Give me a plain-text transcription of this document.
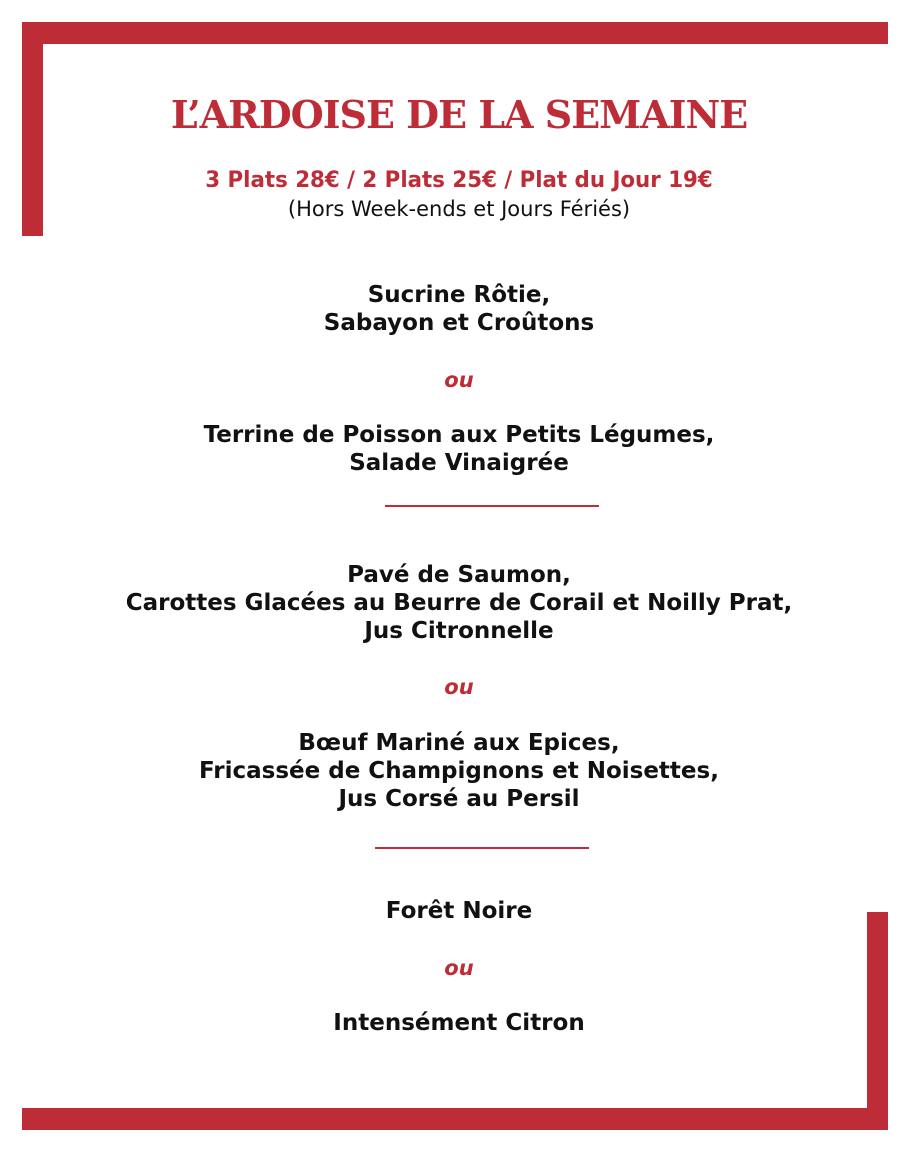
L’ARDOISE DE LA SEMAINE
3 Plats 28€ / 2 Plats 25€ / Plat du Jour 19€
(Hors Week-ends et Jours Fériés)
Sucrine Rôtie,
Sabayon et Croûtons
ou
Terrine de Poisson aux Petits Légumes,
Salade Vinaigrée
Pavé de Saumon,
Carottes Glacées au Beurre de Corail et Noilly Prat,
Jus Citronnelle
ou
Bœuf Mariné aux Epices,
Fricassée de Champignons et Noisettes,
Jus Corsé au Persil
Forêt Noire
ou
Intensément Citron
